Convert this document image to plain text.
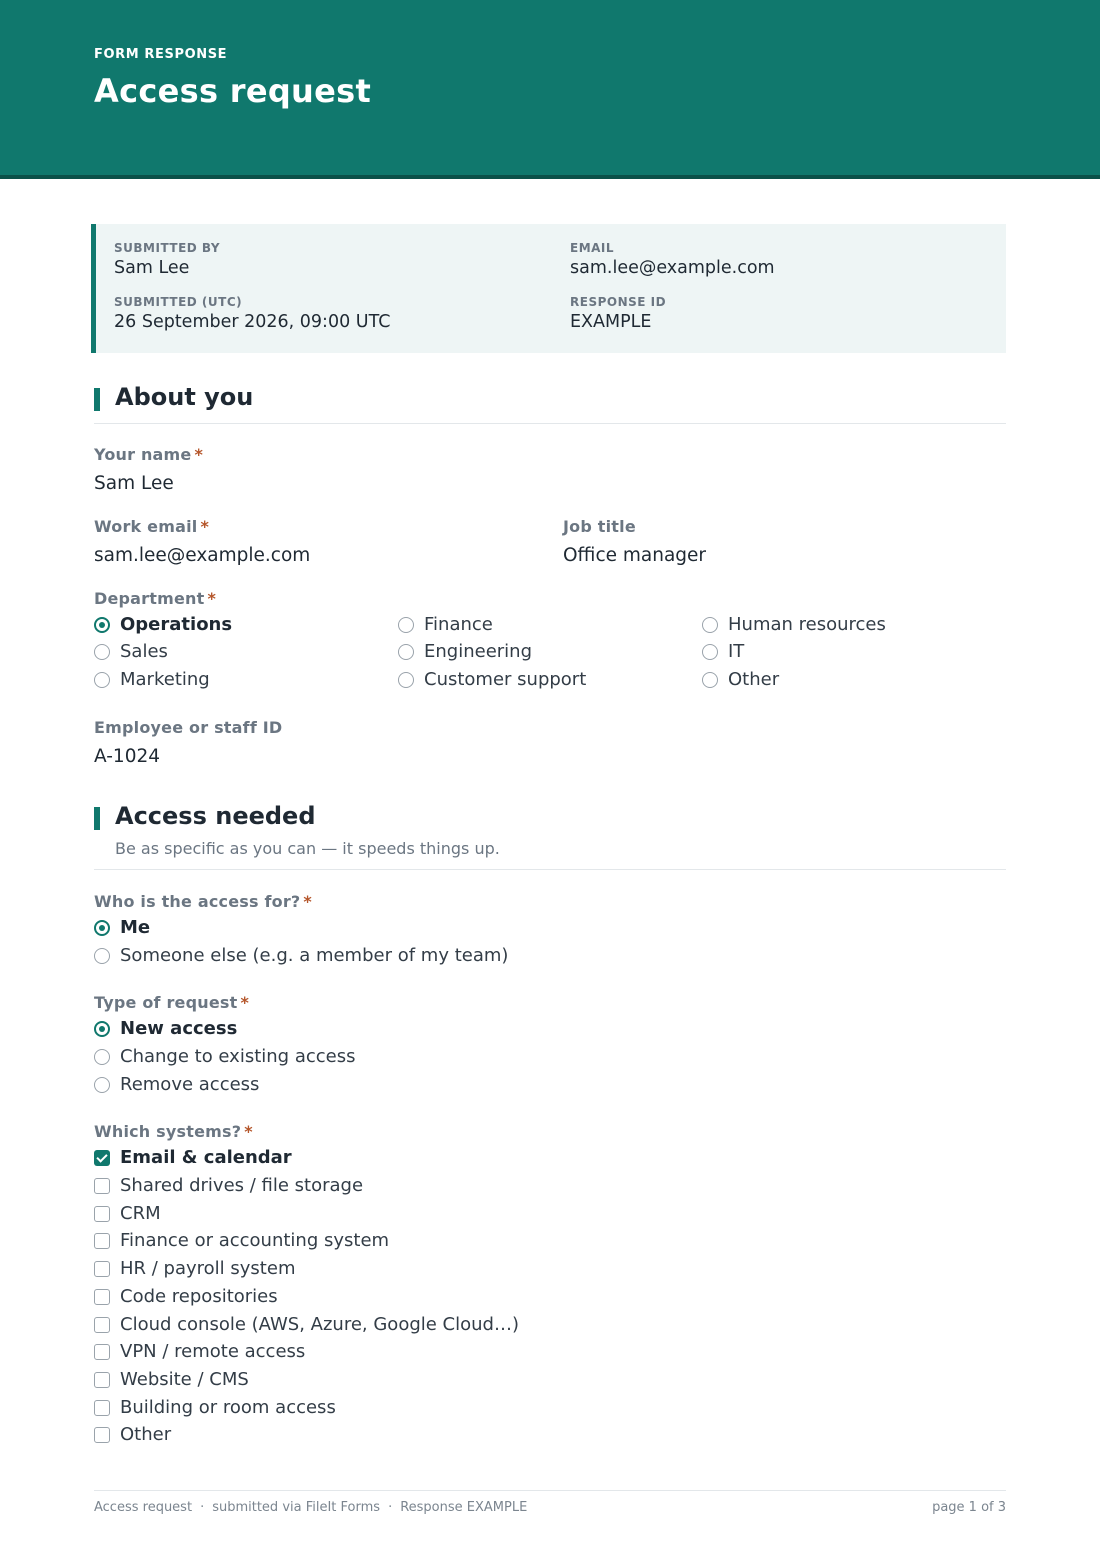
FORM RESPONSE
Access request
SUBMITTED BY
Sam Lee
EMAIL
sam.lee@example.com
SUBMITTED (UTC)
26 September 2026, 09:00 UTC
RESPONSE ID
EXAMPLE
About you
Your name *
Sam Lee
Work email *
sam.lee@example.com
Job title
Office manager
Department *
Operations	Finance	Human resources
Sales	Engineering	IT
Marketing	Customer support	Other
Employee or staff ID
A-1024
Access needed
Be as specific as you can — it speeds things up.
Who is the access for? *
Me
Someone else (e.g. a member of my team)
Type of request *
New access
Change to existing access
Remove access
Which systems? *
Email & calendar
Shared drives / file storage
CRM
Finance or accounting system
HR / payroll system
Code repositories
Cloud console (AWS, Azure, Google Cloud…)
VPN / remote access
Website / CMS
Building or room access
Other
Access request · submitted via FileIt Forms · Response EXAMPLE	page 1 of 3
